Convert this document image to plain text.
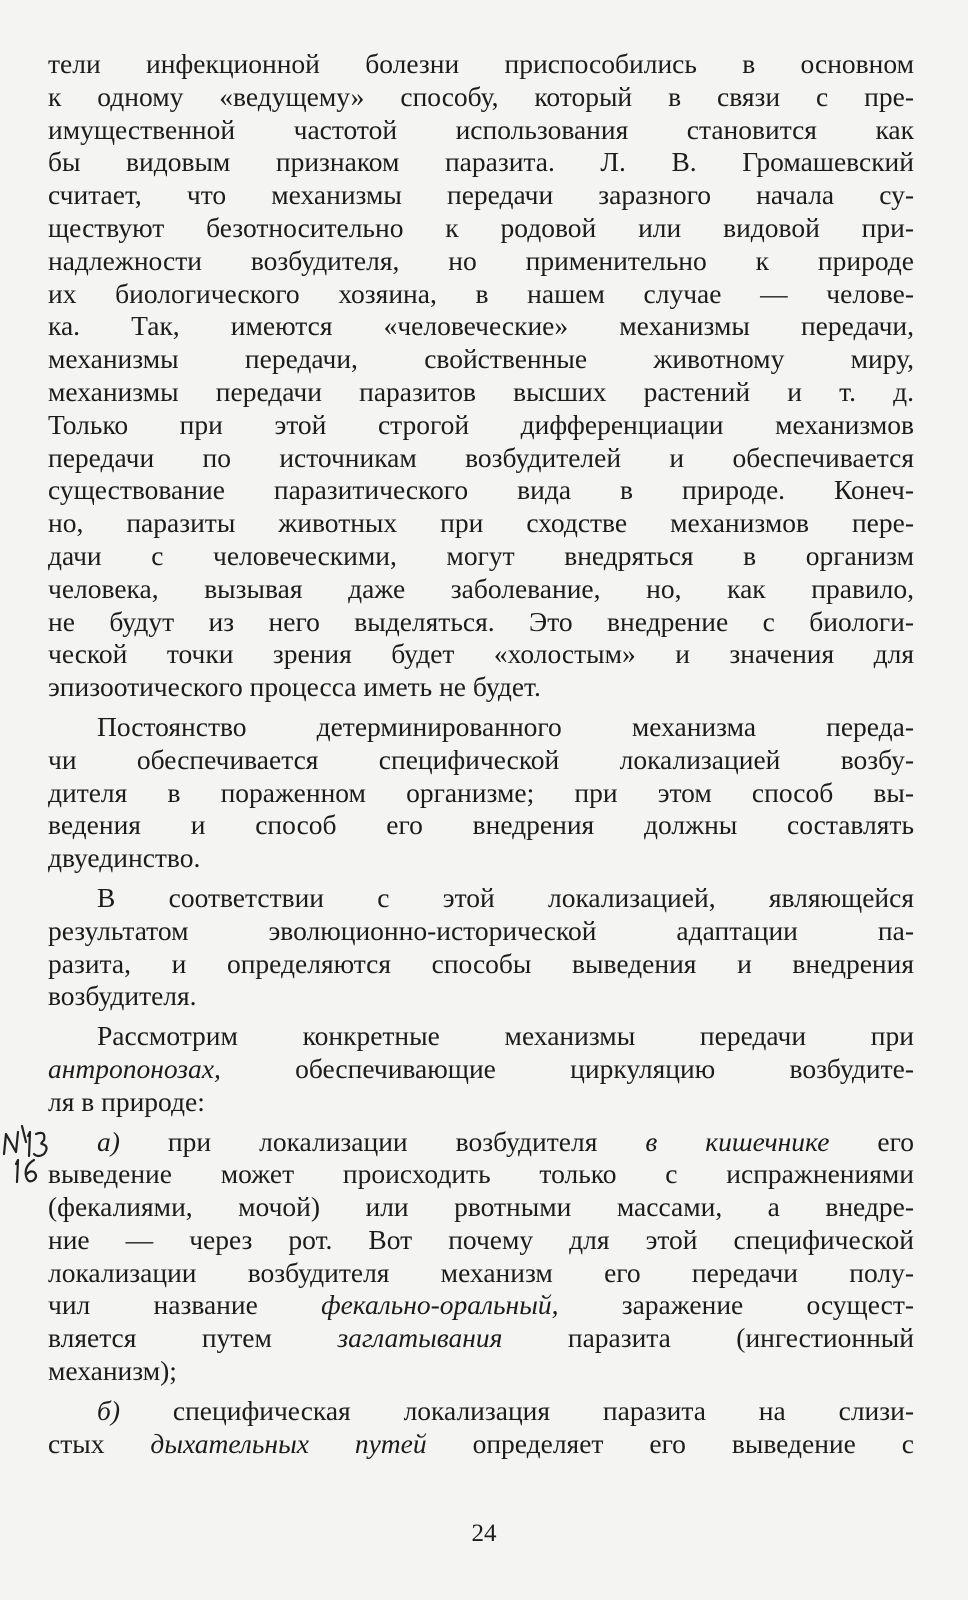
тели инфекционной болезни приспособились в основном
к одному «ведущему» способу, который в связи с пре-
имущественной частотой использования становится как
бы видовым признаком паразита. Л. В. Громашевский
считает, что механизмы передачи заразного начала су-
ществуют безотносительно к родовой или видовой при-
надлежности возбудителя, но применительно к природе
их биологического хозяина, в нашем случае — челове-
ка. Так, имеются «человеческие» механизмы передачи,
механизмы передачи, свойственные животному миру,
механизмы передачи паразитов высших растений и т. д.
Только при этой строгой дифференциации механизмов
передачи по источникам возбудителей и обеспечивается
существование паразитического вида в природе. Конеч-
но, паразиты животных при сходстве механизмов пере-
дачи с человеческими, могут внедряться в организм
человека, вызывая даже заболевание, но, как правило,
не будут из него выделяться. Это внедрение с биологи-
ческой точки зрения будет «холостым» и значения для
эпизоотического процесса иметь не будет.
Постоянство детерминированного механизма переда-
чи обеспечивается специфической локализацией возбу-
дителя в пораженном организме; при этом способ вы-
ведения и способ его внедрения должны составлять
двуединство.
В соответствии с этой локализацией, являющейся
результатом эволюционно-исторической адаптации па-
разита, и определяются способы выведения и внедрения
возбудителя.
Рассмотрим конкретные механизмы передачи при
антропонозах, обеспечивающие циркуляцию возбудите-
ля в природе:
а) при локализации возбудителя в кишечнике его
выведение может происходить только с испражнениями
(фекалиями, мочой) или рвотными массами, а внедре-
ние — через рот. Вот почему для этой специфической
локализации возбудителя механизм его передачи полу-
чил название фекально-оральный, заражение осущест-
вляется путем заглатывания паразита (ингестионный
механизм);
б) специфическая локализация паразита на слизи-
стых дыхательных путей определяет его выведение с
24
